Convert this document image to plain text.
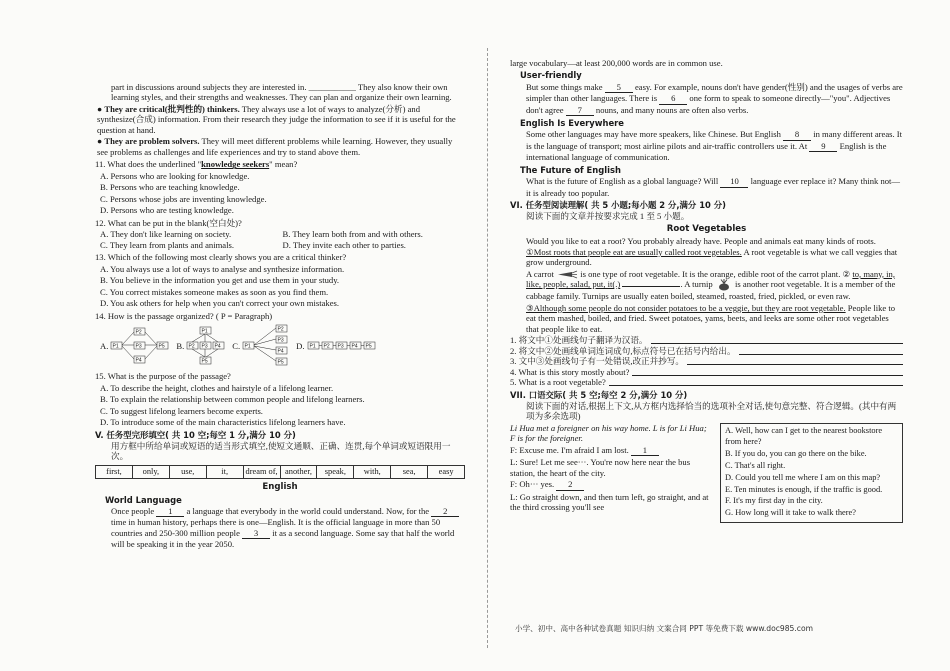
part in discussions around subjects they are interested in. ___________ They also know their own learning styles, and their strengths and weaknesses. They can plan and organize their own learning.

● They are critical(批判性的) thinkers. They always use a lot of ways to analyze(分析) and synthesize(合成) information. From their research they judge the information to see if it is useful for the question at hand.

● They are problem solvers. They will meet different problems while learning. However, they usually see problems as challenges and life experiences and try to stand above them.

11. What does the underlined "knowledge seekers" mean?

A. Persons who are looking for knowledge.

B. Persons who are teaching knowledge.

C. Persons whose jobs are inventing knowledge.

D. Persons who are testing knowledge.

12. What can be put in the blank(空白处)?

A. They don't like learning on society.	B. They learn both from and with others.
C. They learn from plants and animals.	D. They invite each other to parties.

13. Which of the following most clearly shows you are a critical thinker?

A. You always use a lot of ways to analyse and synthesize information.

B. You believe in the information you get and use them in your study.

C. You correct mistakes someone makes as soon as you find them.

D. You ask others for help when you can't correct your own mistakes.

14. How is the passage organized? ( P = Paragraph)

A. P1
P2
P3
P4
P5 B.
P1
P2 P3 P4
P5
C. P1
P2
P3
P4
P5
D. P1 P2 P3 P4 P5

15. What is the purpose of the passage?

A. To describe the height, clothes and hairstyle of a lifelong learner.

B. To explain the relationship between common people and lifelong learners.

C. To suggest lifelong learners become experts.

D. To introduce some of the main characteristics lifelong learners have.

V. 任务型完形填空( 共 10 空;每空 1 分,满分 10 分)

用方框中所给单词或短语的适当形式填空,使短文通顺、正确、连贯,每个单词或短语限用一次。

first,	only,	use,	it,	dream of, another,	speak,	with,	sea,	easy

English

World Language

Once people 1 a language that everybody in the world could understand. Now, for the 2 time in human history, perhaps there is one—English. It is the official language in more than 50 countries and 250-300 million people 3 it as a second language. Some say that half the world will be speaking it in the year 2050.

large vocabulary—at least 200,000 words are in common use.

User-friendly

But some things make 5 easy. For example, nouns don't have gender(性别) and the usages of verbs are simpler than other languages. There is 6 one form to speak to someone directly—"you". Adjectives don't agree 7 nouns, and many nouns are often also verbs.

English Is Everywhere

Some other languages may have more speakers, like Chinese. But English 8 in many different areas. It is the language of transport; most airline pilots and air-traffic controllers use it. At 9 English is the international language of communication.

The Future of English

What is the future of English as a global language? Will 10 language ever replace it? Many think not—it is already too popular.

VI. 任务型阅读理解( 共 5 小题;每小题 2 分,满分 10 分)

阅读下面的文章并按要求完成 1 至 5 小题。

Root Vegetables

Would you like to eat a root? You probably already have. People and animals eat many kinds of roots. ①Most roots that people eat are usually called root vegetables. A root vegetable is what we call veggies that grow underground.

A carrot	is one type of root vegetable. It is the orange, edible root of the carrot plant. ② to, many, in, like, people, salad, put, it(.)	. A turnip	is another root vegetable. It is a member of the cabbage family. Turnips are usually eaten boiled, steamed, roasted, fried, pickled, or even raw.

③Although some people do not consider potatoes to be a veggie, but they are root vegetable. People like to eat them mashed, boiled, and fried. Sweet potatoes, yams, beets, and leeks are some other root vegetables that people like to eat.

1. 将文中①处画线句子翻译为汉语。
2. 将文中②处画线单词连词成句,标点符号已在括号内给出。
3. 文中③处画线句子有一处错误,改正并抄写。
4. What is this story mostly about?
5. What is a root vegetable?

VII. 口语交际( 共 5 空;每空 2 分,满分 10 分)

阅读下面的对话,根据上下文,从方框内选择恰当的选项补全对话,使句意完整、符合逻辑。(其中有两项为多余选项)

Li Hua met a foreigner on his way home. L is for Li Hua; F is for the foreigner.

F: Excuse me. I'm afraid I am lost. 1

L: Sure! Let me see···. You're now here near the bus station, the heart of the city.

F: Oh··· yes. 2

L: Go straight down, and then turn left, go straight, and at the third crossing you'll see

A. Well, how can I get to the nearest bookstore from here?

B. If you do, you can go there on the bike.

C. That's all right.

D. Could you tell me where I am on this map?

E. Ten minutes is enough, if the traffic is good.

F. It's my first day in the city.

G. How long will it take to walk there?

小学、初中、高中各种试卷真题 知识归纳 文案合同 PPT 等免费下载 www.doc985.com
